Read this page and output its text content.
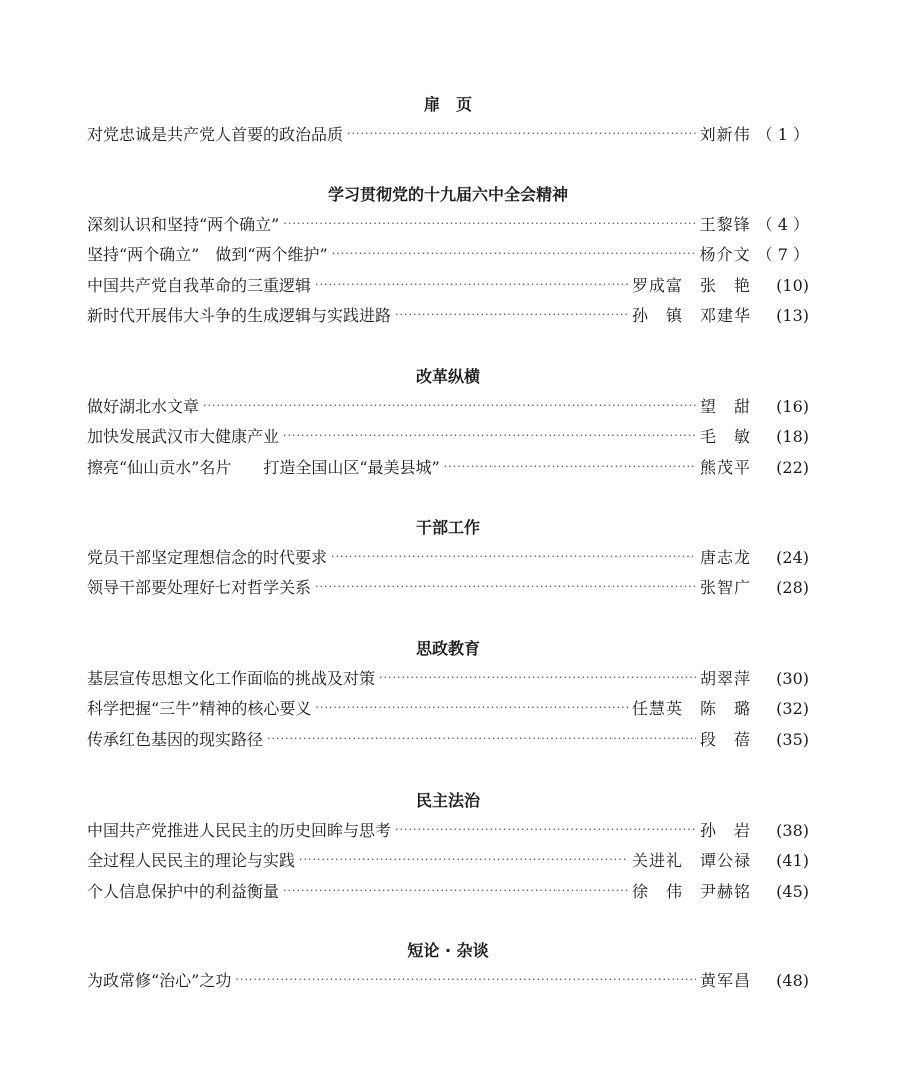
扉　页
对党忠诚是共产党人首要的政治品质 ·····	刘新伟 （ 1 ）
学习贯彻党的十九届六中全会精神
深刻认识和坚持“两个确立” ·····	王黎锋 （ 4 ）
坚持“两个确立”　做到“两个维护” ·····	杨介文 （ 7 ）
中国共产党自我革命的三重逻辑 ·····	罗成富　张　艳	(10)
新时代开展伟大斗争的生成逻辑与实践进路 ·····	孙　镇　邓建华	(13)
改革纵横
做好湖北水文章 ·····	望　甜	(16)
加快发展武汉市大健康产业 ·····	毛　敏	(18)
擦亮“仙山贡水”名片　　打造全国山区“最美县城” ·····	熊茂平	(22)
干部工作
党员干部坚定理想信念的时代要求 ·····	唐志龙	(24)
领导干部要处理好七对哲学关系 ·····	张智广	(28)
思政教育
基层宣传思想文化工作面临的挑战及对策 ·····	胡翠萍	(30)
科学把握“三牛”精神的核心要义 ·····	任慧英　陈　璐	(32)
传承红色基因的现实路径 ·····	段　蓓	(35)
民主法治
中国共产党推进人民民主的历史回眸与思考 ·····	孙　岩	(38)
全过程人民民主的理论与实践 ·····	关进礼　谭公禄	(41)
个人信息保护中的利益衡量 ·····	徐　伟　尹赫铭	(45)
短论 · 杂谈
为政常修“治心”之功 ·····	黄军昌	(48)
